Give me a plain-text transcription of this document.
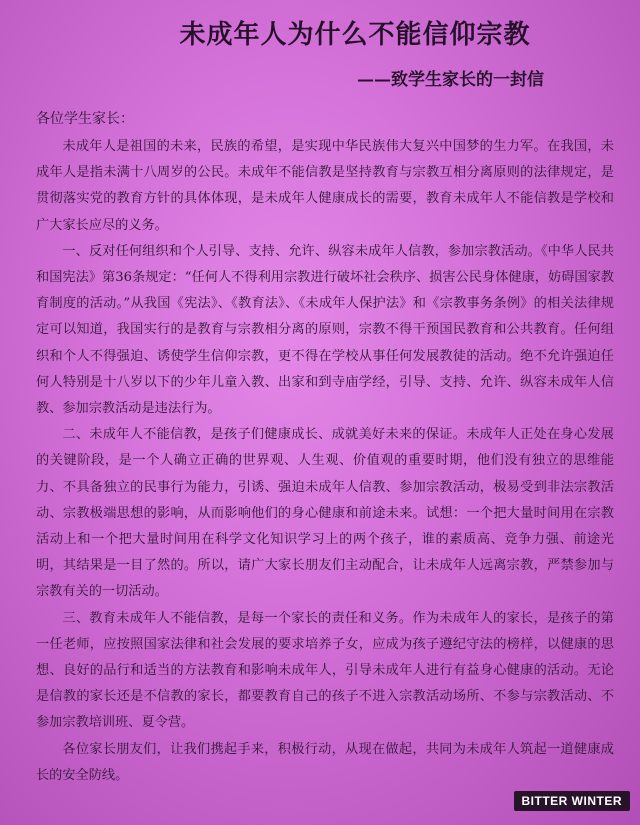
未成年人为什么不能信仰宗教
——致学生家长的一封信
各位学生家长：

未成年人是祖国的未来，民族的希望，是实现中华民族伟大复兴中国梦的生力军。在我国，未成年人是指未满十八周岁的公民。未成年不能信教是坚持教育与宗教互相分离原则的法律规定，是贯彻落实党的教育方针的具体体现，是未成年人健康成长的需要，教育未成年人不能信教是学校和广大家长应尽的义务。

一、反对任何组织和个人引导、支持、允许、纵容未成年人信教，参加宗教活动。《中华人民共和国宪法》第36条规定：“任何人不得利用宗教进行破坏社会秩序、损害公民身体健康，妨碍国家教育制度的活动。”从我国《宪法》、《教育法》、《未成年人保护法》和《宗教事务条例》的相关法律规定可以知道，我国实行的是教育与宗教相分离的原则，宗教不得干预国民教育和公共教育。任何组织和个人不得强迫、诱使学生信仰宗教，更不得在学校从事任何发展教徒的活动。绝不允许强迫任何人特别是十八岁以下的少年儿童入教、出家和到寺庙学经，引导、支持、允许、纵容未成年人信教、参加宗教活动是违法行为。

二、未成年人不能信教，是孩子们健康成长、成就美好未来的保证。未成年人正处在身心发展的关键阶段，是一个人确立正确的世界观、人生观、价值观的重要时期，他们没有独立的思维能力、不具备独立的民事行为能力，引诱、强迫未成年人信教、参加宗教活动，极易受到非法宗教活动、宗教极端思想的影响，从而影响他们的身心健康和前途未来。试想：一个把大量时间用在宗教活动上和一个把大量时间用在科学文化知识学习上的两个孩子，谁的素质高、竞争力强、前途光明，其结果是一目了然的。所以，请广大家长朋友们主动配合，让未成年人远离宗教，严禁参加与宗教有关的一切活动。

三、教育未成年人不能信教，是每一个家长的责任和义务。作为未成年人的家长，是孩子的第一任老师，应按照国家法律和社会发展的要求培养子女，应成为孩子遵纪守法的榜样，以健康的思想、良好的品行和适当的方法教育和影响未成年人，引导未成年人进行有益身心健康的活动。无论是信教的家长还是不信教的家长，都要教育自己的孩子不进入宗教活动场所、不参与宗教活动、不参加宗教培训班、夏令营。

各位家长朋友们，让我们携起手来，积极行动，从现在做起，共同为未成年人筑起一道健康成长的安全防线。

BITTER WINTER
